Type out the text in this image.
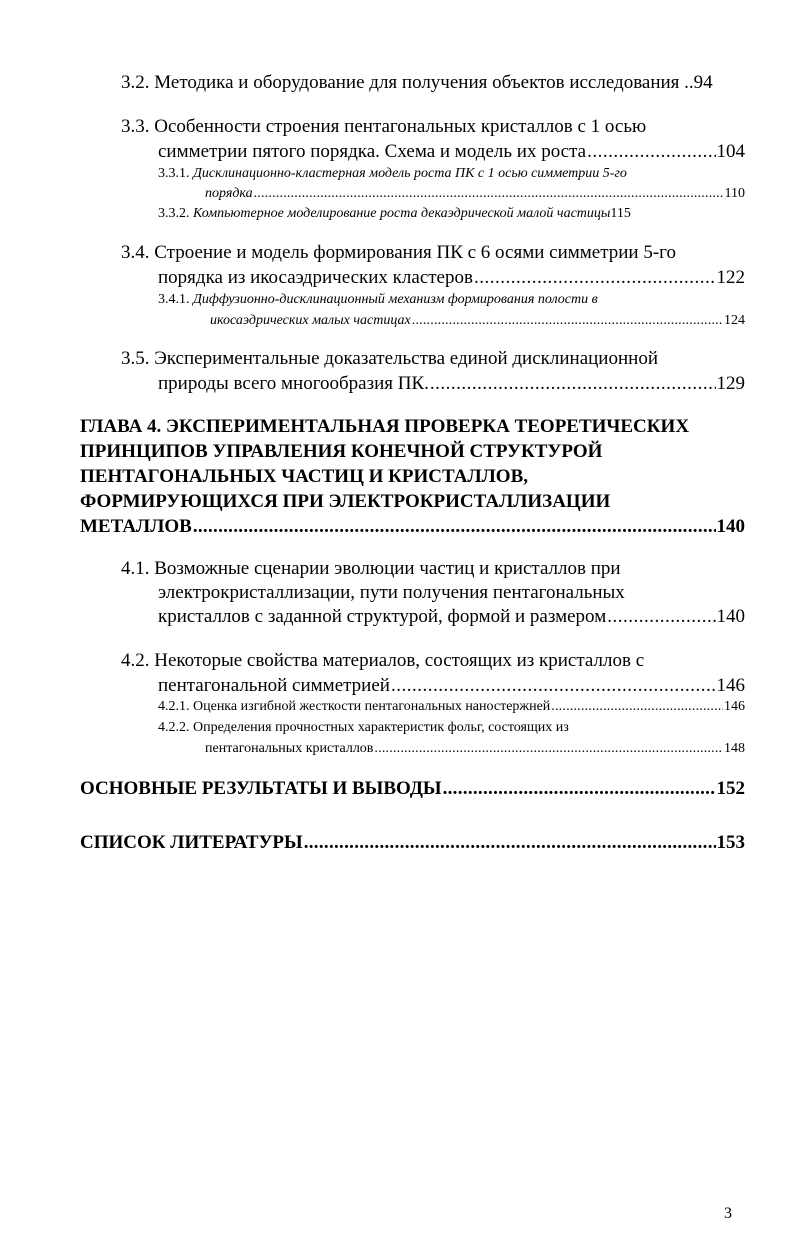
3.2. Методика и оборудование для получения объектов исследования .. 94
3.3. Особенности строения пентагональных кристаллов с 1 осью
симметрии пятого порядка. Схема и модель их роста .....	104
3.3.1.
Дисклинационно-кластерная модель роста ПК с 1 осью симметрии 5-го
порядка .....	110
3.3.2.
Компьютерное моделирование роста декаэдрической малой частицы 115
3.4. Строение и модель формирования ПК с 6 осями симметрии 5-го
порядка из икосаэдрических кластеров .....	122
3.4.1.
Диффузионно-дисклинационный механизм формирования полости в
икосаэдрических малых частицах .....	124
3.5. Экспериментальные доказательства единой дисклинационной
природы всего многообразия ПК. .....	129
ГЛАВА 4. ЭКСПЕРИМЕНТАЛЬНАЯ ПРОВЕРКА ТЕОРЕТИЧЕСКИХ
ПРИНЦИПОВ УПРАВЛЕНИЯ КОНЕЧНОЙ СТРУКТУРОЙ
ПЕНТАГОНАЛЬНЫХ ЧАСТИЦ И КРИСТАЛЛОВ,
ФОРМИРУЮЩИХСЯ ПРИ ЭЛЕКТРОКРИСТАЛЛИЗАЦИИ
МЕТАЛЛОВ .....	140
4.1. Возможные сценарии эволюции частиц и кристаллов при
электрокристаллизации, пути получения пентагональных
кристаллов с заданной структурой, формой и размером .....	140
4.2. Некоторые свойства материалов, состоящих из кристаллов с
пентагональной симметрией .....	146
4.2.1. Оценка изгибной жесткости пентагональных наностержней .....	146
4.2.2. Определения прочностных характеристик фольг, состоящих из
пентагональных кристаллов .....	148
ОСНОВНЫЕ РЕЗУЛЬТАТЫ И ВЫВОДЫ .....	152
СПИСОК ЛИТЕРАТУРЫ .....	153
3
